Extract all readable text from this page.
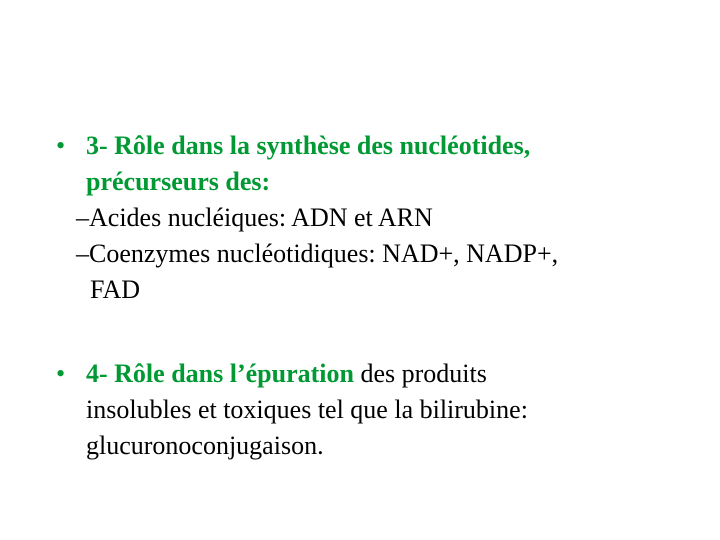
• 3- Rôle dans la synthèse des nucléotides,
précurseurs des:
–Acides nucléiques: ADN et ARN
–Coenzymes nucléotidiques: NAD+, NADP+,
FAD
• 4- Rôle dans l’épuration des produits
insolubles et toxiques tel que la bilirubine:
glucuronoconjugaison.
